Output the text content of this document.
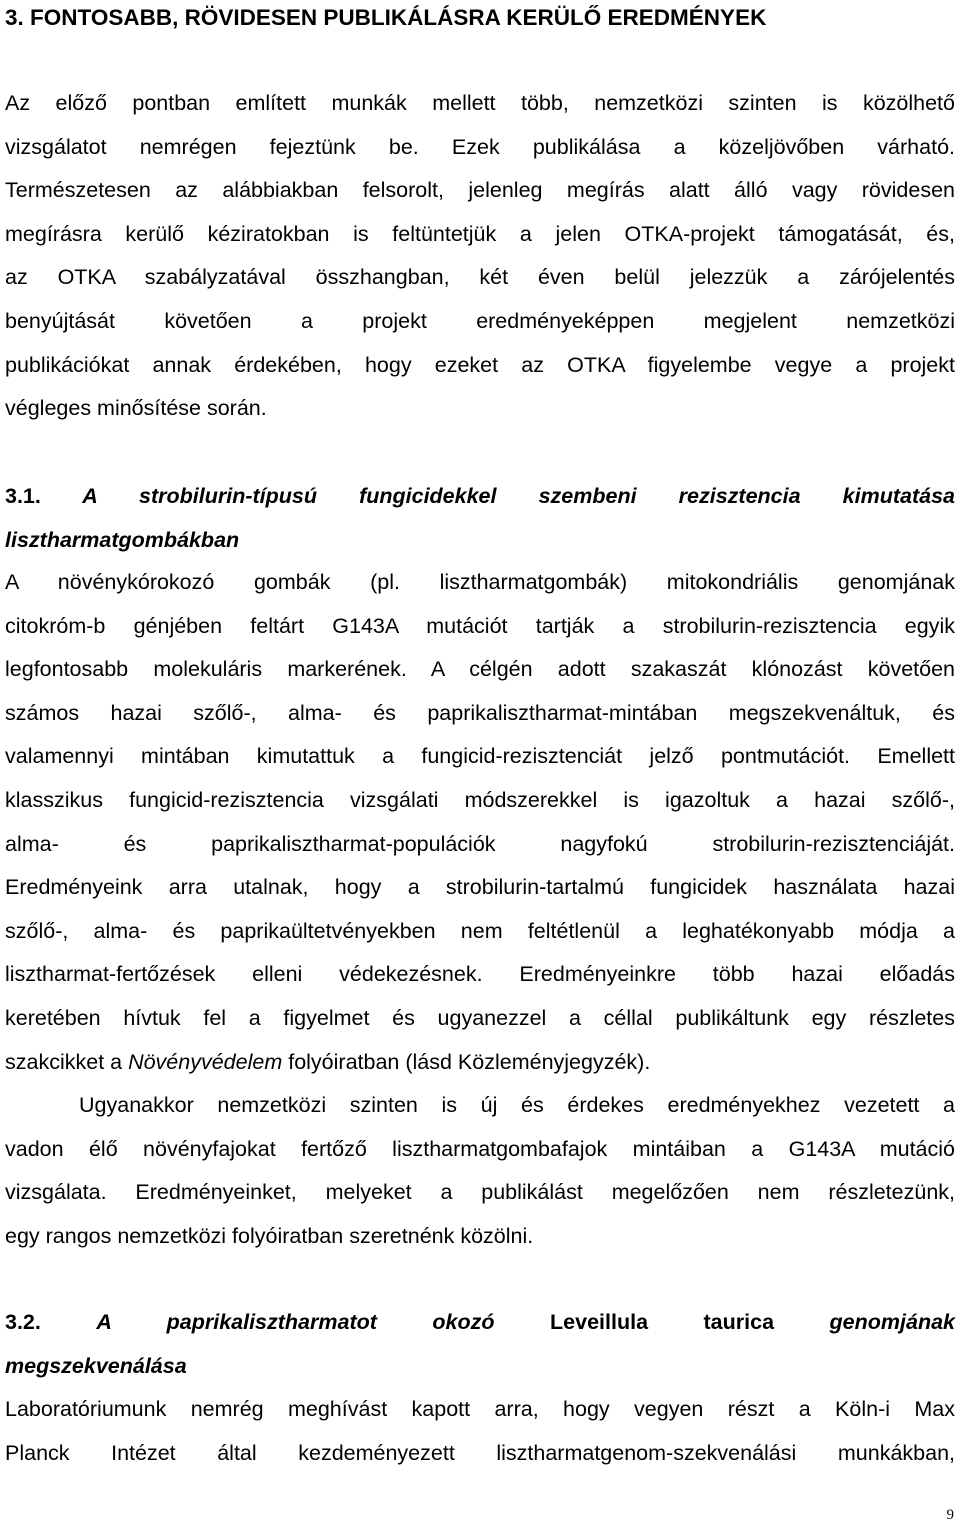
3. FONTOSABB, RÖVIDESEN PUBLIKÁLÁSRA KERÜLŐ EREDMÉNYEK
Az előző pontban említett munkák mellett több, nemzetközi szinten is közölhető
vizsgálatot nemrégen fejeztünk be. Ezek publikálása a közeljövőben várható.
Természetesen az alábbiakban felsorolt, jelenleg megírás alatt álló vagy rövidesen
megírásra kerülő kéziratokban is feltüntetjük a jelen OTKA-projekt támogatását, és,
az OTKA szabályzatával összhangban, két éven belül jelezzük a zárójelentés
benyújtását követően a projekt eredményeképpen megjelent nemzetközi
publikációkat annak érdekében, hogy ezeket az OTKA figyelembe vegye a projekt
végleges minősítése során.
3.1. A strobilurin-típusú fungicidekkel szembeni rezisztencia kimutatása
lisztharmatgombákban
A növénykórokozó gombák (pl. lisztharmatgombák) mitokondriális genomjának
citokróm-b génjében feltárt G143A mutációt tartják a strobilurin-rezisztencia egyik
legfontosabb molekuláris markerének. A célgén adott szakaszát klónozást követően
számos hazai szőlő-, alma- és paprikalisztharmat-mintában megszekvenáltuk, és
valamennyi mintában kimutattuk a fungicid-rezisztenciát jelző pontmutációt. Emellett
klasszikus fungicid-rezisztencia vizsgálati módszerekkel is igazoltuk a hazai szőlő-,
alma- és paprikalisztharmat-populációk nagyfokú strobilurin-rezisztenciáját.
Eredményeink arra utalnak, hogy a strobilurin-tartalmú fungicidek használata hazai
szőlő-, alma- és paprikaültetvényekben nem feltétlenül a leghatékonyabb módja a
lisztharmat-fertőzések elleni védekezésnek. Eredményeinkre több hazai előadás
keretében hívtuk fel a figyelmet és ugyanezzel a céllal publikáltunk egy részletes
szakcikket a Növényvédelem folyóiratban (lásd Közleményjegyzék).
Ugyanakkor nemzetközi szinten is új és érdekes eredményekhez vezetett a
vadon élő növényfajokat fertőző lisztharmatgombafajok mintáiban a G143A mutáció
vizsgálata. Eredményeinket, melyeket a publikálást megelőzően nem részletezünk,
egy rangos nemzetközi folyóiratban szeretnénk közölni.
3.2.	A paprikalisztharmatot okozó	Leveillula taurica	genomjának
megszekvenálása
Laboratóriumunk nemrég meghívást kapott arra, hogy vegyen részt a Köln-i Max
Planck Intézet által kezdeményezett lisztharmatgenom-szekvenálási munkákban,
9
